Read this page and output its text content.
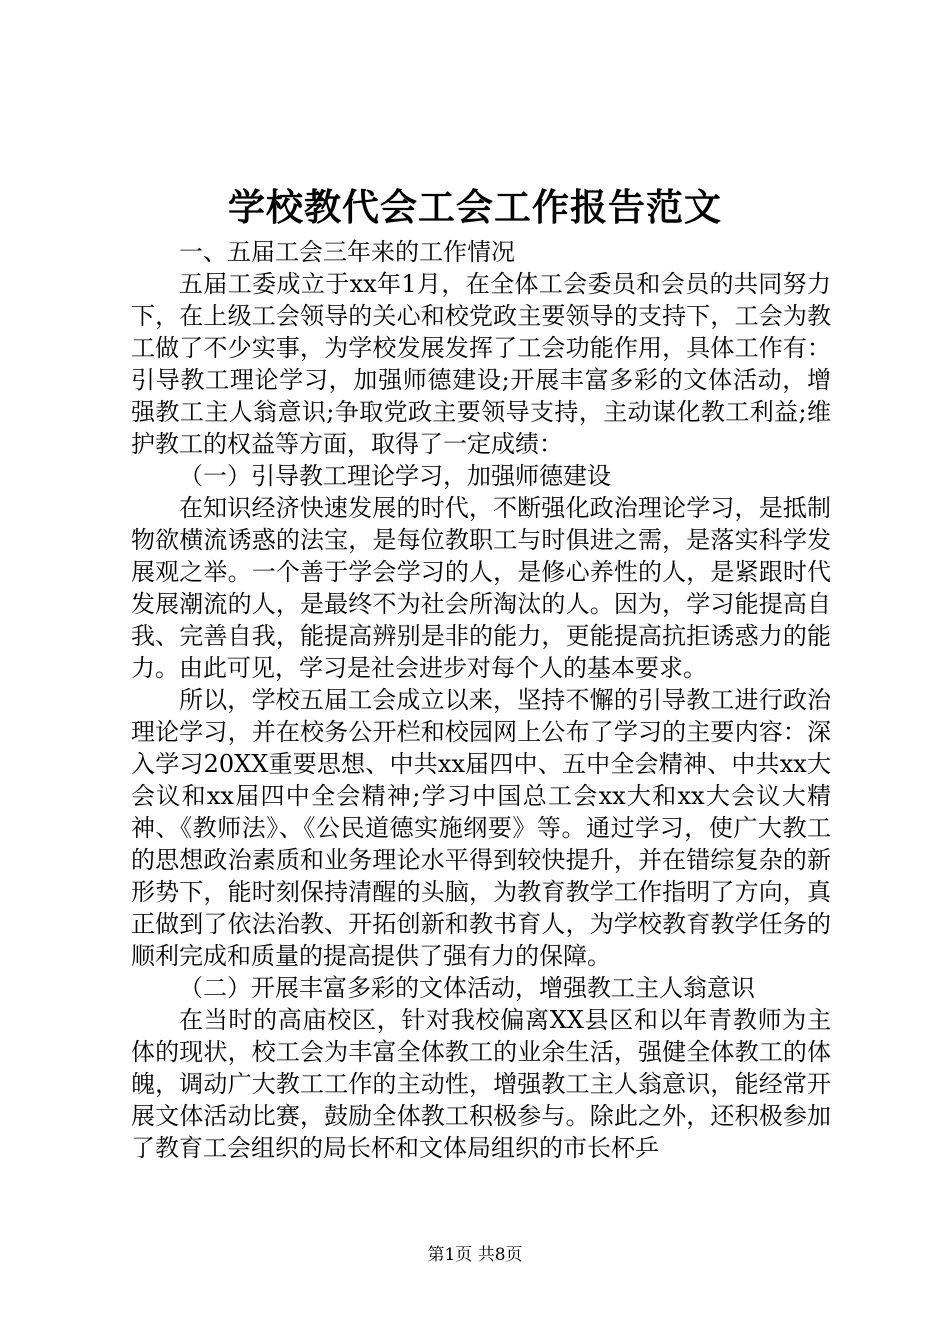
学校教代会工会工作报告范文

一、五届工会三年来的工作情况

五届工委成立于xx年1月，在全体工会委员和会员的共同努力下，在上级工会领导的关心和校党政主要领导的支持下，工会为教工做了不少实事，为学校发展发挥了工会功能作用，具体工作有：引导教工理论学习，加强师德建设;开展丰富多彩的文体活动，增强教工主人翁意识;争取党政主要领导支持，主动谋化教工利益;维护教工的权益等方面，取得了一定成绩：

（一）引导教工理论学习，加强师德建设

在知识经济快速发展的时代，不断强化政治理论学习，是抵制物欲横流诱惑的法宝，是每位教职工与时俱进之需，是落实科学发展观之举。一个善于学会学习的人，是修心养性的人，是紧跟时代发展潮流的人，是最终不为社会所淘汰的人。因为，学习能提高自我、完善自我，能提高辨别是非的能力，更能提高抗拒诱惑力的能力。由此可见，学习是社会进步对每个人的基本要求。

所以，学校五届工会成立以来，坚持不懈的引导教工进行政治理论学习，并在校务公开栏和校园网上公布了学习的主要内容：深入学习20XX重要思想、中共xx届四中、五中全会精神、中共xx大会议和xx届四中全会精神;学习中国总工会xx大和xx大会议大精神、《教师法》、《公民道德实施纲要》等。通过学习，使广大教工的思想政治素质和业务理论水平得到较快提升，并在错综复杂的新形势下，能时刻保持清醒的头脑，为教育教学工作指明了方向，真正做到了依法治教、开拓创新和教书育人，为学校教育教学任务的顺利完成和质量的提高提供了强有力的保障。

（二）开展丰富多彩的文体活动，增强教工主人翁意识

在当时的高庙校区，针对我校偏离XX县区和以年青教师为主体的现状，校工会为丰富全体教工的业余生活，强健全体教工的体魄，调动广大教工工作的主动性，增强教工主人翁意识，能经常开展文体活动比赛，鼓励全体教工积极参与。除此之外，还积极参加了教育工会组织的局长杯和文体局组织的市长杯乒

第1页 共8页
